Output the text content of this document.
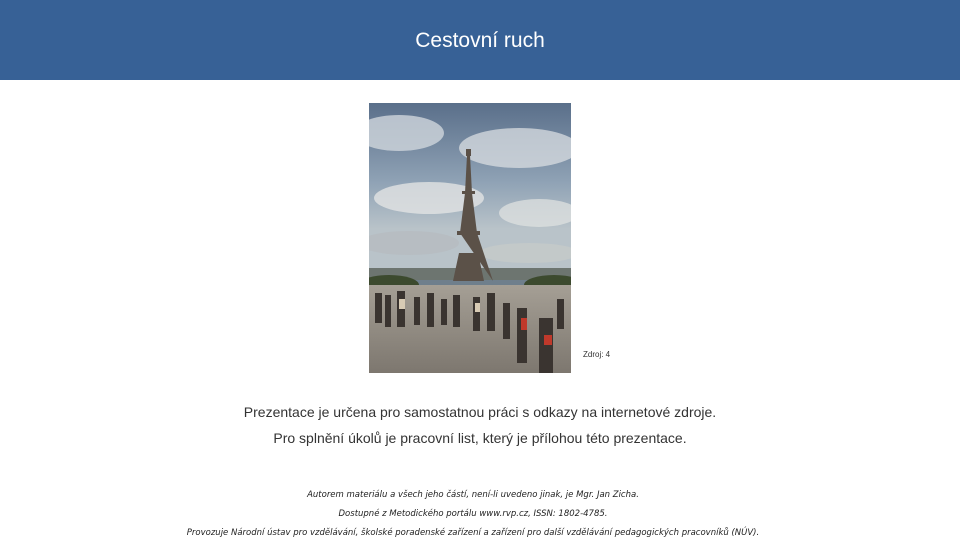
Cestovní ruch
Zdroj: 4
Prezentace je určena pro samostatnou práci s odkazy na internetové zdroje.
Pro splnění úkolů je pracovní list, který je přílohou této prezentace.
Autorem materiálu a všech jeho částí, není-li uvedeno jinak, je Mgr. Jan Zicha.
Dostupné z Metodického portálu www.rvp.cz, ISSN: 1802-4785.
Provozuje Národní ústav pro vzdělávání, školské poradenské zařízení a zařízení pro další vzdělávání pedagogických pracovníků (NÚV).
